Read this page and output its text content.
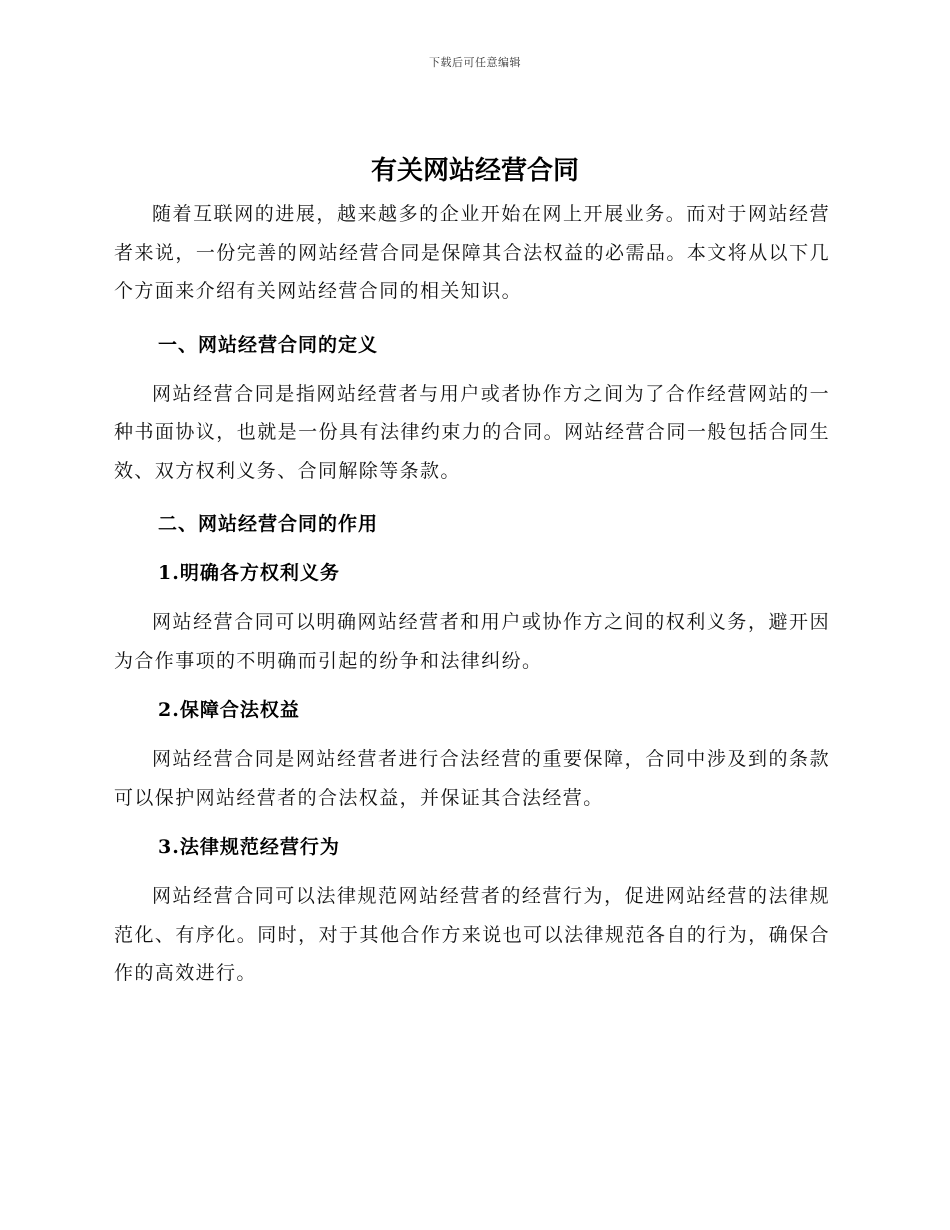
下载后可任意编辑
有关网站经营合同

随着互联网的进展，越来越多的企业开始在网上开展业务。而对于网站经营者来说，一份完善的网站经营合同是保障其合法权益的必需品。本文将从以下几个方面来介绍有关网站经营合同的相关知识。

一、网站经营合同的定义

网站经营合同是指网站经营者与用户或者协作方之间为了合作经营网站的一种书面协议，也就是一份具有法律约束力的合同。网站经营合同一般包括合同生效、双方权利义务、合同解除等条款。

二、网站经营合同的作用

1.明确各方权利义务

网站经营合同可以明确网站经营者和用户或协作方之间的权利义务，避开因为合作事项的不明确而引起的纷争和法律纠纷。

2.保障合法权益

网站经营合同是网站经营者进行合法经营的重要保障，合同中涉及到的条款可以保护网站经营者的合法权益，并保证其合法经营。

3.法律规范经营行为

网站经营合同可以法律规范网站经营者的经营行为，促进网站经营的法律规范化、有序化。同时，对于其他合作方来说也可以法律规范各自的行为，确保合作的高效进行。
